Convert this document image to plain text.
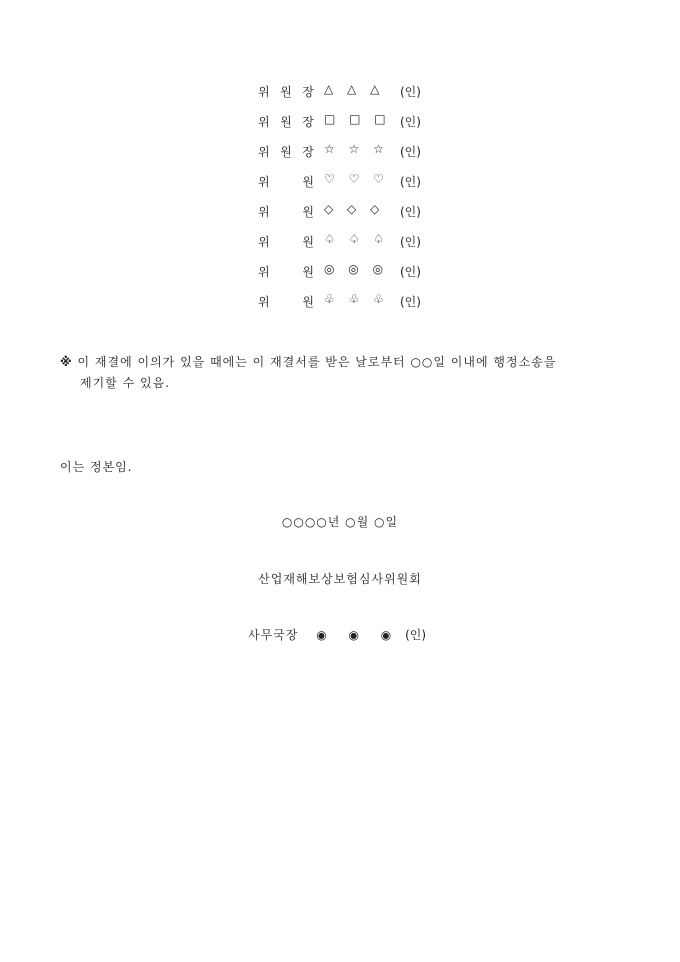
위 원 장 △ △ △ (인)
위 원 장 □ □ □ (인)
위 원 장 ☆ ☆ ☆ (인)
위	원 ♡ ♡ ♡ (인)
위	원 ◇ ◇ ◇ (인)
위	원 ♤ ♤ ♤ (인)
위	원 ◎ ◎ ◎ (인)
위	원 ♧ ♧ ♧ (인)
※ 이 재결에 이의가 있을 때에는 이 재결서를 받은 날로부터 ○○일 이내에 행정소송을
제기할 수 있음.
이는 정본임.
○○○○년 ○월 ○일
산업재해보상보험심사위원회
사무국장 ◉ ◉ ◉ (인)
